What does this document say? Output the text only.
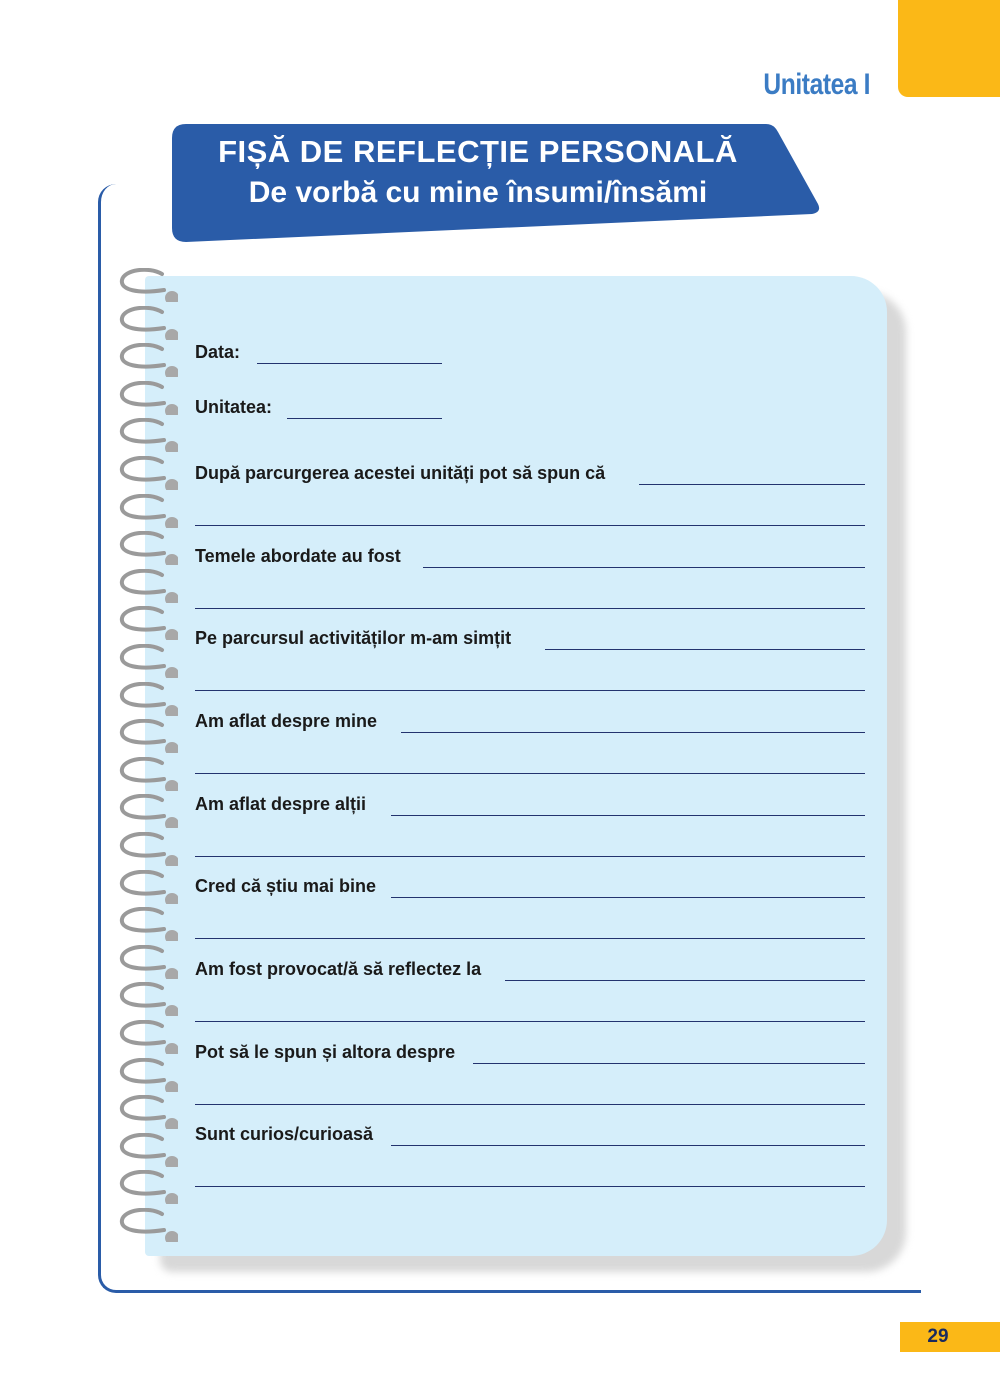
Unitatea I
FIȘĂ DE REFLECȚIE PERSONALĂ
De vorbă cu mine însumi/însămi
Data:
Unitatea:
După parcurgerea acestei unități pot să spun că
Temele abordate au fost
Pe parcursul activităților m-am simțit
Am aflat despre mine
Am aflat despre alții
Cred că știu mai bine
Am fost provocat/ă să reflectez la
Pot să le spun și altora despre
Sunt curios/curioasă
29
